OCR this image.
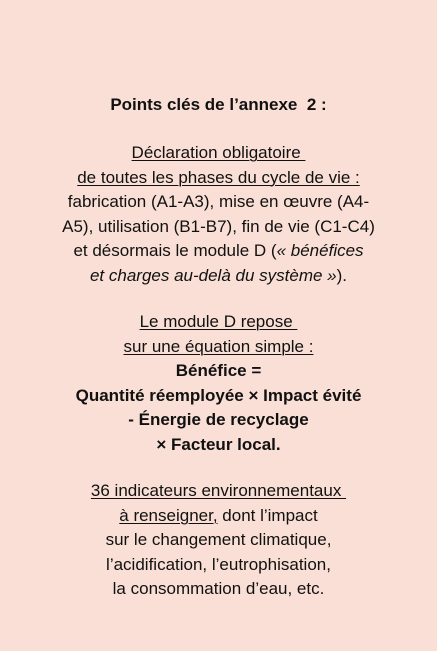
Points clés de l’annexe  2 :
Déclaration obligatoire
de toutes les phases du cycle de vie :
fabrication (A1-A3), mise en œuvre (A4-
A5), utilisation (B1-B7), fin de vie (C1-C4)
et désormais le module D (« bénéfices
et charges au-delà du système »).
Le module D repose
sur une équation simple :
Bénéfice =
Quantité réemployée × Impact évité
- Énergie de recyclage
× Facteur local.
36 indicateurs environnementaux
à renseigner, dont l’impact
sur le changement climatique,
l’acidification, l’eutrophisation,
la consommation d’eau, etc.
